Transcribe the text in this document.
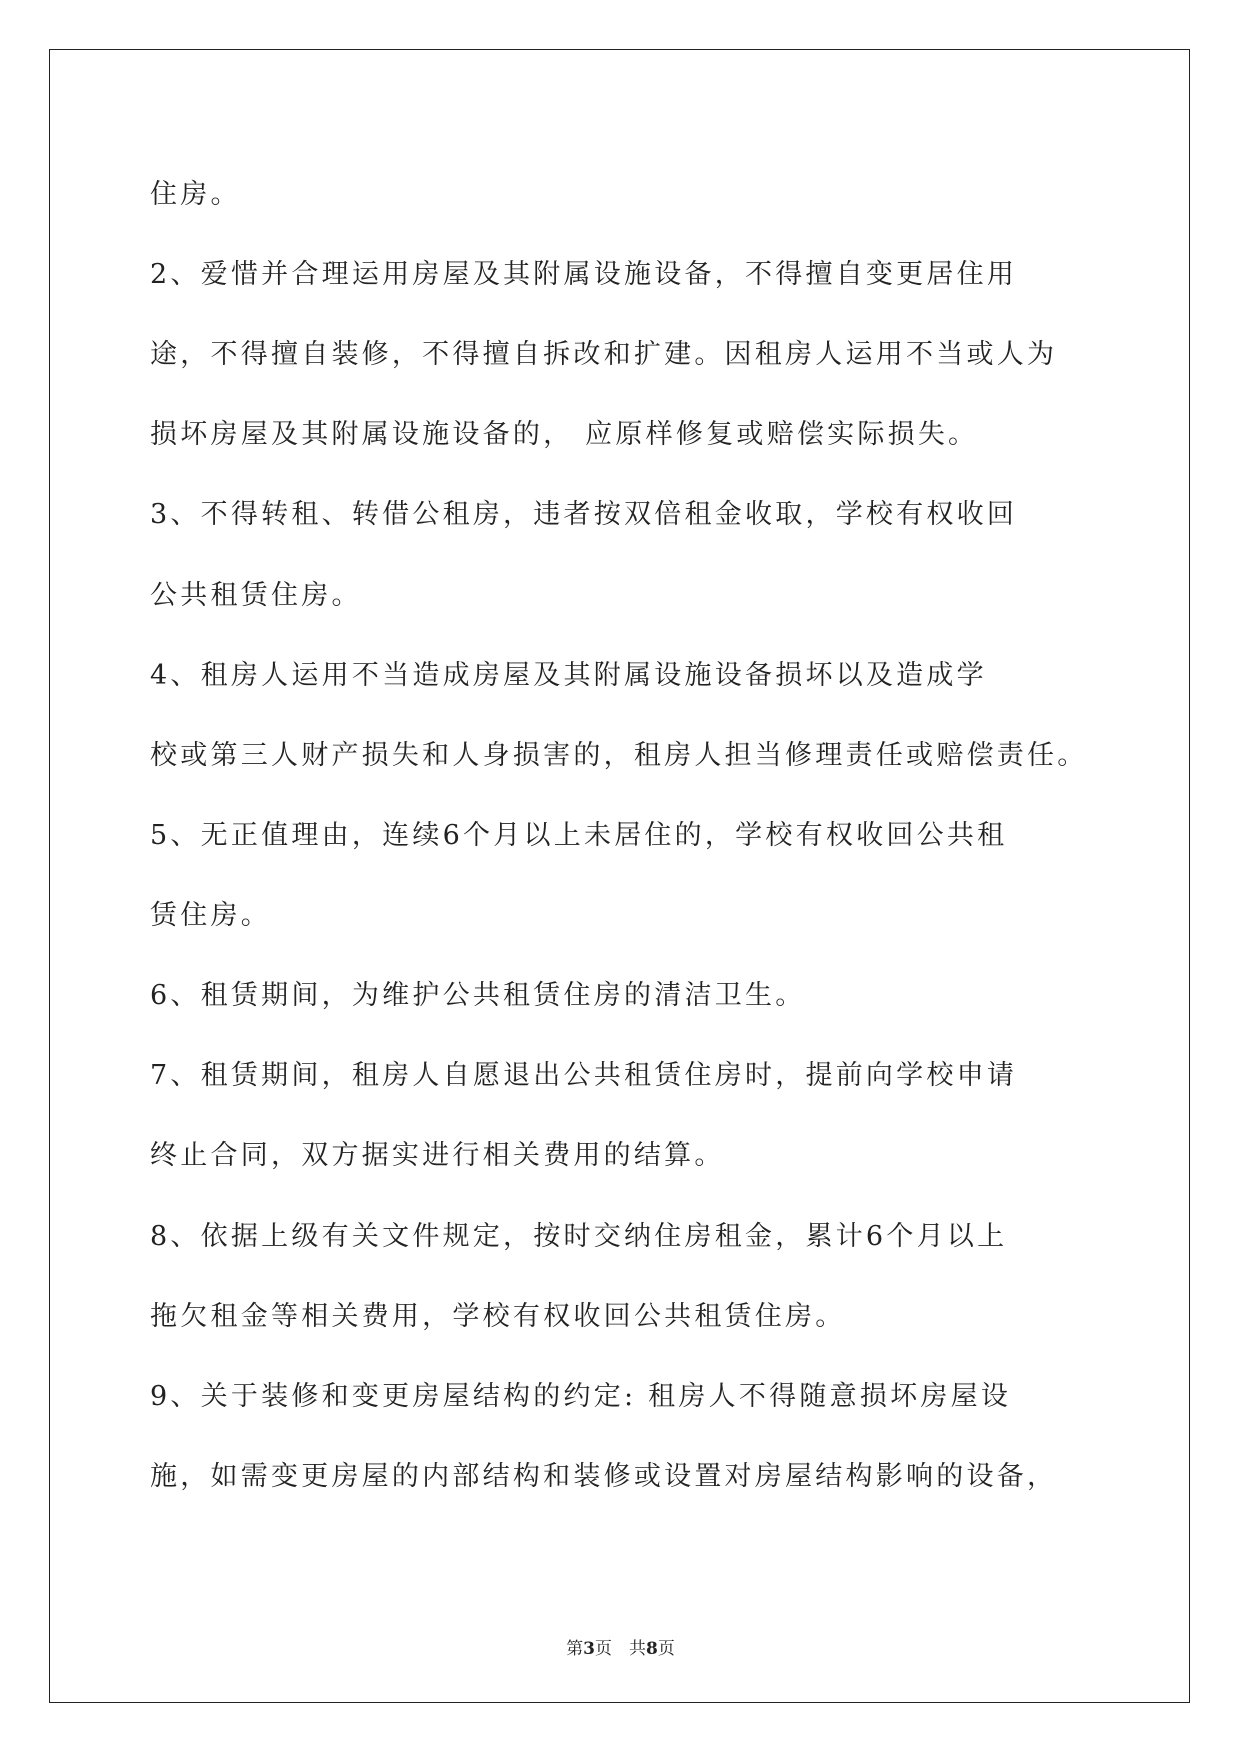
住房。

2、爱惜并合理运用房屋及其附属设施设备，不得擅自变更居住用

途，不得擅自装修，不得擅自拆改和扩建。因租房人运用不当或人为

损坏房屋及其附属设施设备的， 应原样修复或赔偿实际损失。

3、不得转租、转借公租房，违者按双倍租金收取，学校有权收回

公共租赁住房。

4、租房人运用不当造成房屋及其附属设施设备损坏以及造成学

校或第三人财产损失和人身损害的，租房人担当修理责任或赔偿责任。

5、无正值理由，连续6个月以上未居住的，学校有权收回公共租

赁住房。

6、租赁期间，为维护公共租赁住房的清洁卫生。

7、租赁期间，租房人自愿退出公共租赁住房时，提前向学校申请

终止合同，双方据实进行相关费用的结算。

8、依据上级有关文件规定，按时交纳住房租金，累计6个月以上

拖欠租金等相关费用，学校有权收回公共租赁住房。

9、关于装修和变更房屋结构的约定: 租房人不得随意损坏房屋设

施，如需变更房屋的内部结构和装修或设置对房屋结构影响的设备，

第3页　共8页
